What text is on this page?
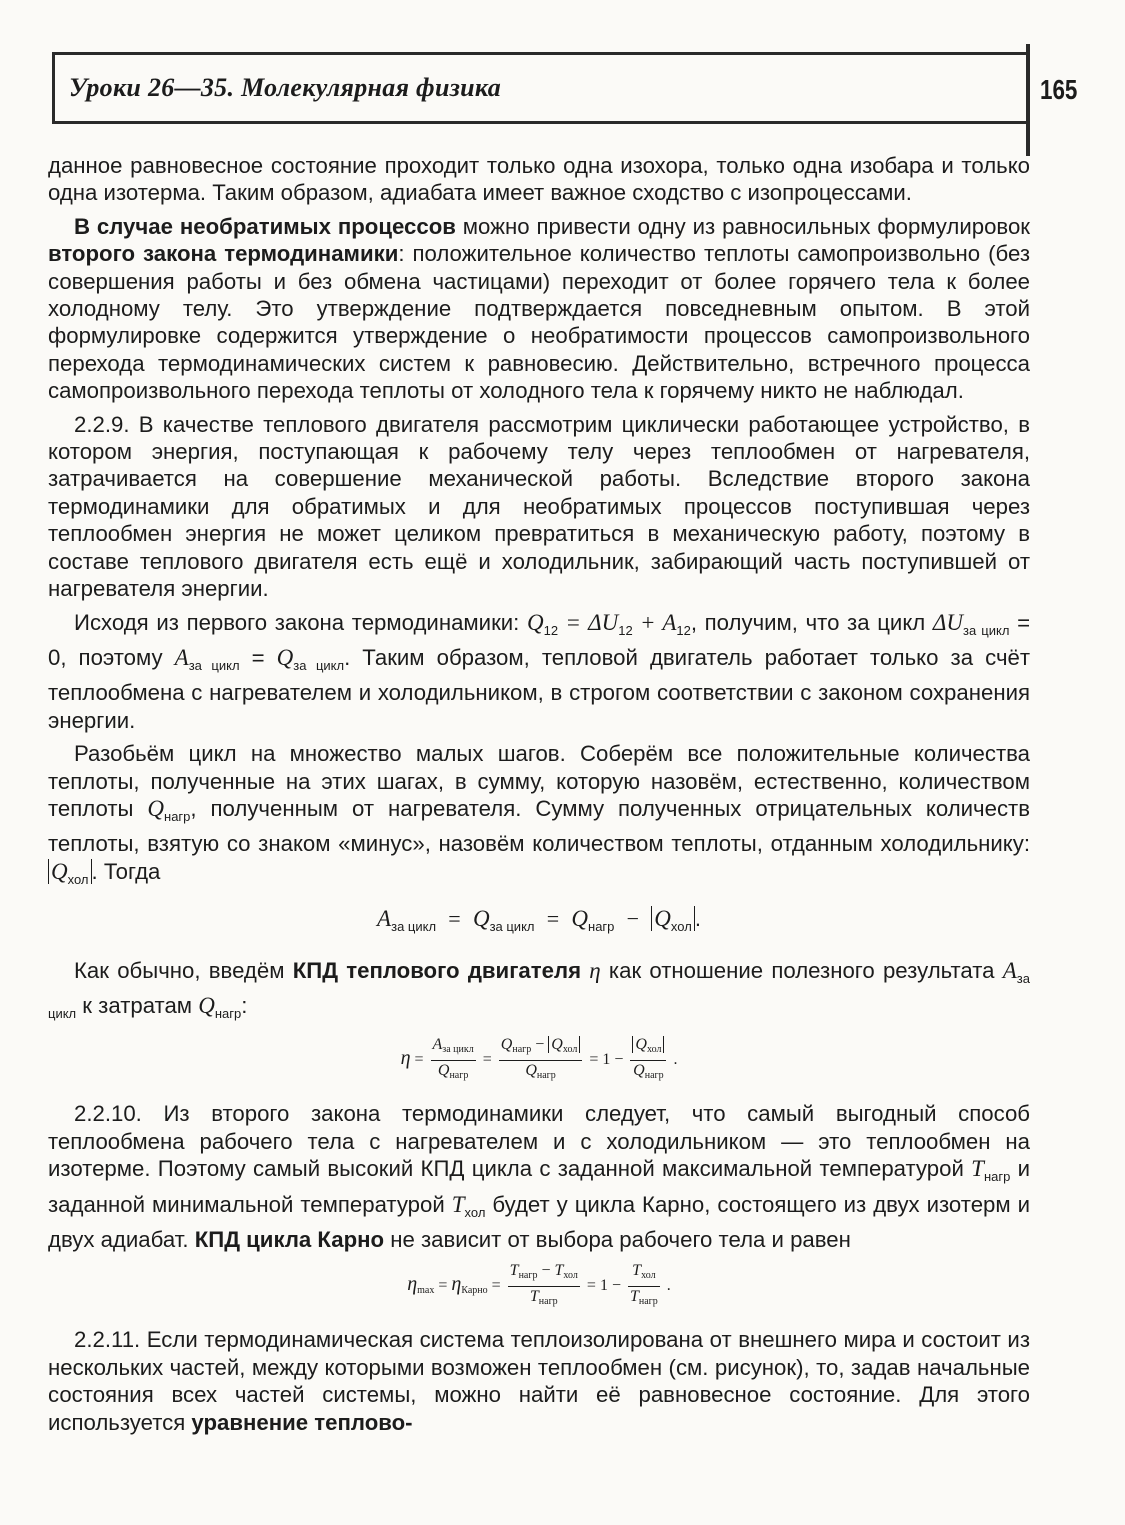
Уроки 26—35. Молекулярная физика	165

данное равновесное состояние проходит только одна изохора, только одна изобара и только одна изотерма. Таким образом, адиабата имеет важное сходство с изопроцессами.

В случае необратимых процессов можно привести одну из равносильных формулировок второго закона термодинамики: положительное количество теплоты самопроизвольно (без совершения работы и без обмена частицами) переходит от более горячего тела к более холодному телу. Это утверждение подтверждается повседневным опытом. В этой формулировке содержится утверждение о необратимости процессов самопроизвольного перехода термодинамических систем к равновесию. Действительно, встречного процесса самопроизвольного перехода теплоты от холодного тела к горячему никто не наблюдал.

2.2.9. В качестве теплового двигателя рассмотрим циклически работающее устройство, в котором энергия, поступающая к рабочему телу через теплообмен от нагревателя, затрачивается на совершение механической работы. Вследствие второго закона термодинамики для обратимых и для необратимых процессов поступившая через теплообмен энергия не может целиком превратиться в механическую работу, поэтому в составе теплового двигателя есть ещё и холодильник, забирающий часть поступившей от нагревателя энергии.

Исходя из первого закона термодинамики: $Q_{12} = \Delta U_{12} + A_{12}$, получим, что за цикл $\Delta U_{за цикл} = 0$, поэтому $A_{за цикл} = Q_{за цикл}$. Таким образом, тепловой двигатель работает только за счёт теплообмена с нагревателем и холодильником, в строгом соответствии с законом сохранения энергии.

Разобьём цикл на множество малых шагов. Соберём все положительные количества теплоты, полученные на этих шагах, в сумму, которую назовём, естественно, количеством теплоты $Q_{нагр}$, полученным от нагревателя. Сумму полученных отрицательных количеств теплоты, взятую со знаком «минус», назовём количеством теплоты, отданным холодильнику: $Q_{хол}$ . Тогда

$A_{за цикл} = Q_{за цикл} = Q_{нагр} - Q_{хол}$ .

Как обычно, введём КПД теплового двигателя η как отношение полезного результата $A_{за цикл}$ к затратам $Q_{нагр}$:

$\eta = \frac{\text{Aза цикл}}{\text{Qнагр}} = \frac{\text{Qнагр − Qхол}}{\text{Qнагр}} = 1 - \frac{\text{Qхол}}{\text{Qнагр}}$ .

2.2.10. Из второго закона термодинамики следует, что самый выгодный способ теплообмена рабочего тела с нагревателем и с холодильником — это теплообмен на изотерме. Поэтому самый высокий КПД цикла с заданной максимальной температурой $T_{нагр}$ и заданной минимальной температурой $T_{хол}$ будет у цикла Карно, состоящего из двух изотерм и двух адиабат. КПД цикла Карно не зависит от выбора рабочего тела и равен

ηmax = ηКарно = $\frac{\text{Tнагр − Tхол}}{\text{Tнагр}} = 1 - \frac{\text{Tхол}}{\text{Tнагр}}$ .

2.2.11. Если термодинамическая система теплоизолирована от внешнего мира и состоит из нескольких частей, между которыми возможен теплообмен (см. рисунок), то, задав начальные состояния всех частей системы, можно найти её равновесное состояние. Для этого используется уравнение теплово-
